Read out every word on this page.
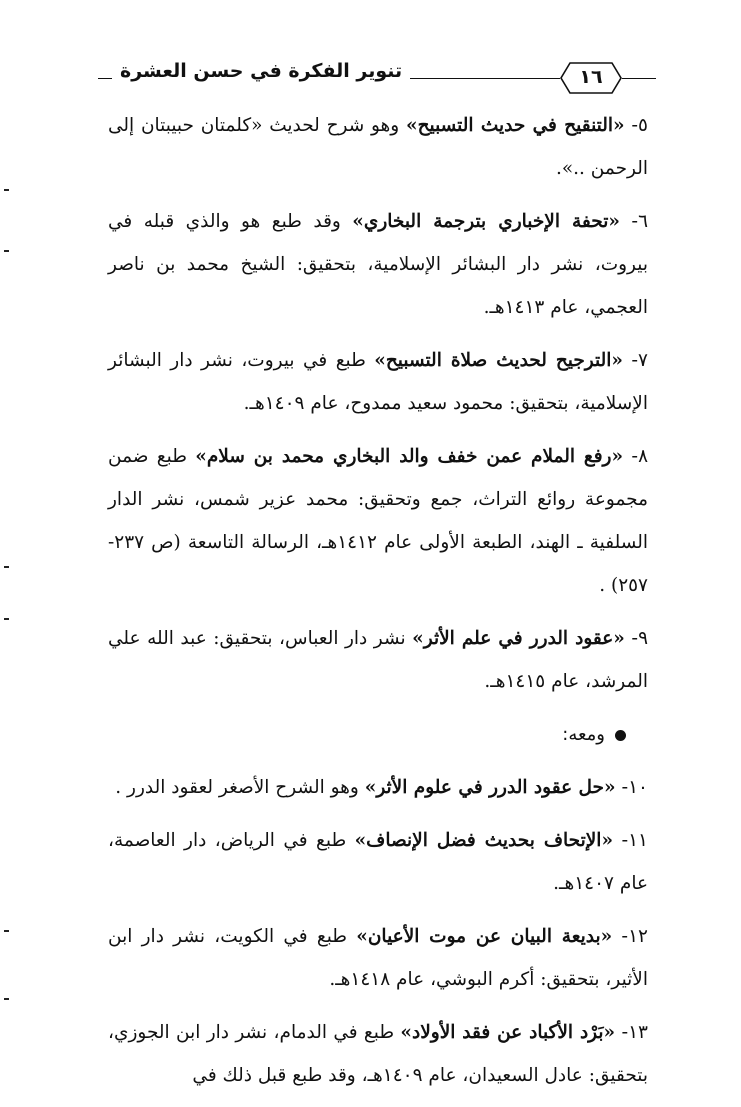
تنوير الفكرة في حسن العشرة	١٦
٥- «التنقيح في حديث التسبيح» وهو شرح لحديث «كلمتان حبيبتان إلى الرحمن ..».
٦- «تحفة الإخباري بترجمة البخاري» وقد طبع هو والذي قبله في بيروت، نشر دار البشائر الإسلامية، بتحقيق: الشيخ محمد بن ناصر العجمي، عام ١٤١٣هـ.
٧- «الترجيح لحديث صلاة التسبيح» طبع في بيروت، نشر دار البشائر الإسلامية، بتحقيق: محمود سعيد ممدوح، عام ١٤٠٩هـ.
٨- «رفع الملام عمن خفف والد البخاري محمد بن سلام» طبع ضمن مجموعة روائع التراث، جمع وتحقيق: محمد عزير شمس، نشر الدار السلفية ـ الهند، الطبعة الأولى عام ١٤١٢هـ، الرسالة التاسعة (ص ٢٣٧- ٢٥٧) .
٩- «عقود الدرر في علم الأثر» نشر دار العباس، بتحقيق: عبد الله علي المرشد، عام ١٤١٥هـ.
ومعه:
١٠- «حل عقود الدرر في علوم الأثر» وهو الشرح الأصغر لعقود الدرر .
١١- «الإتحاف بحديث فضل الإنصاف» طبع في الرياض، دار العاصمة، عام ١٤٠٧هـ.
١٢- «بديعة البيان عن موت الأعيان» طبع في الكويت، نشر دار ابن الأثير، بتحقيق: أكرم البوشي، عام ١٤١٨هـ.
١٣- «بَرْد الأكباد عن فقد الأولاد» طبع في الدمام، نشر دار ابن الجوزي، بتحقيق: عادل السعيدان، عام ١٤٠٩هـ، وقد طبع قبل ذلك في
